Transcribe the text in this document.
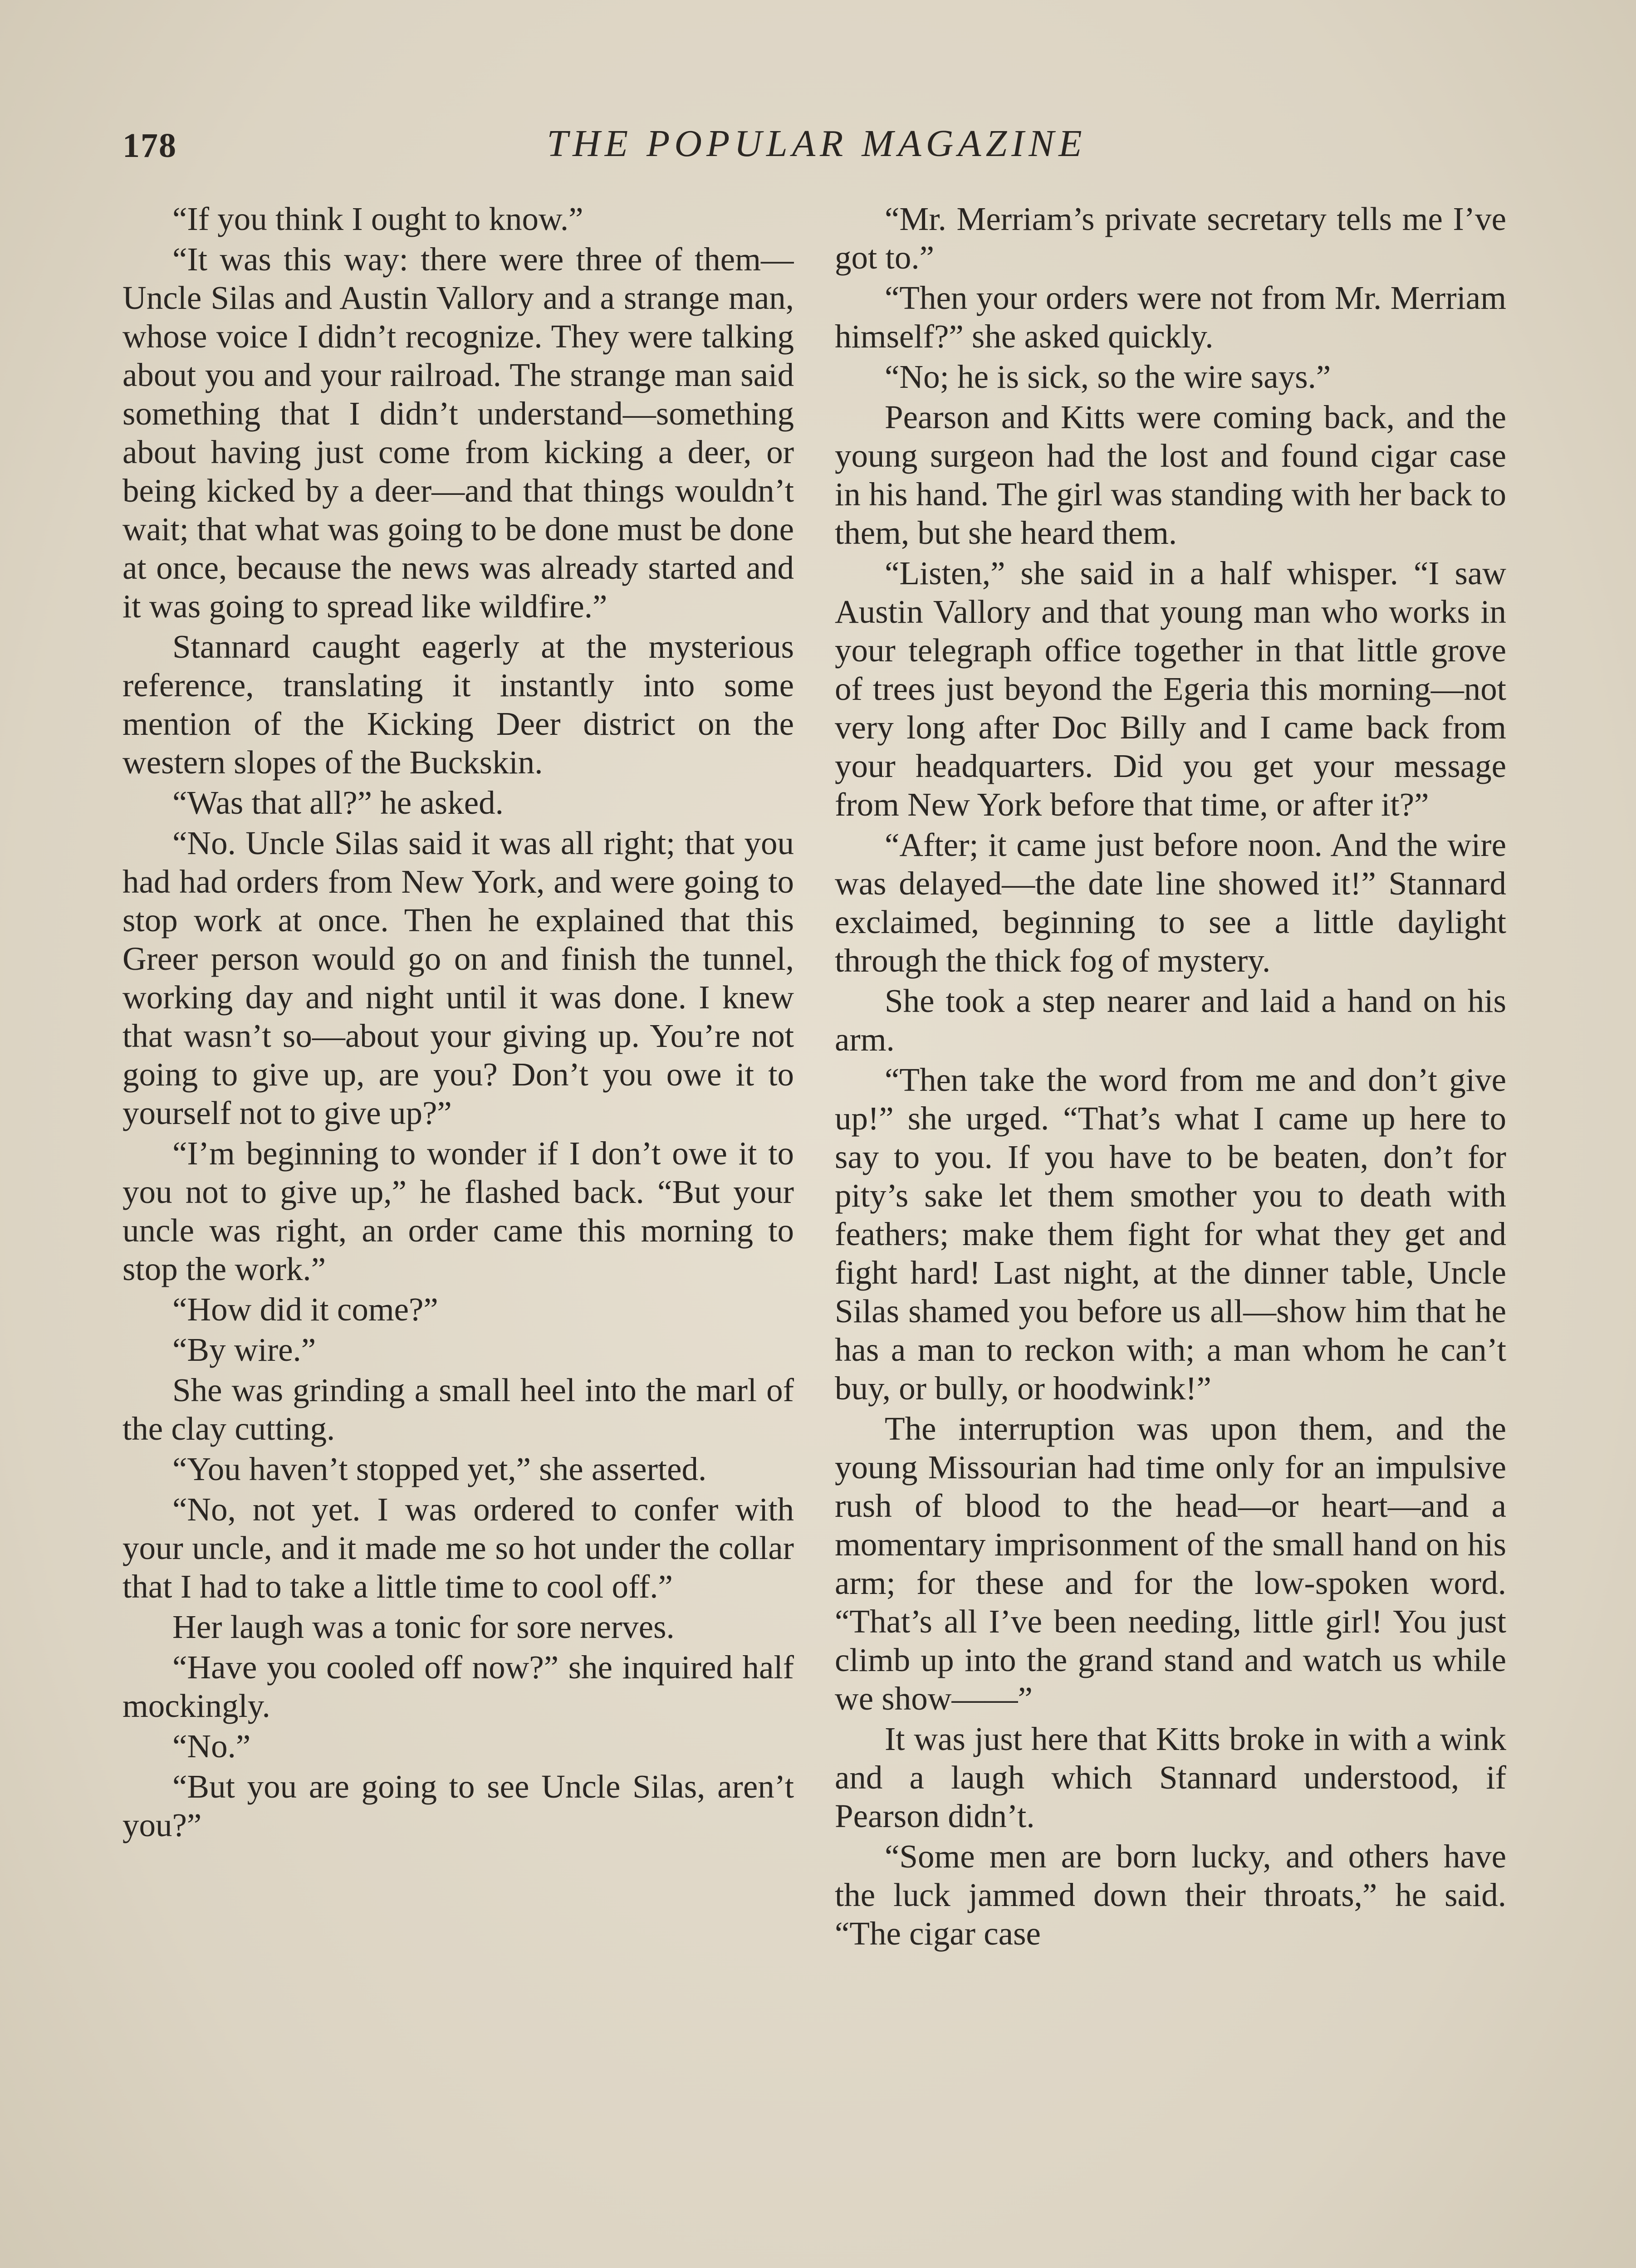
178	THE POPULAR MAGAZINE

“If you think I ought to know.”

“It was this way: there were three of them—Uncle Silas and Austin Vallory and a strange man, whose voice I didn’t recognize. They were talking about you and your railroad. The strange man said something that I didn’t understand—something about having just come from kicking a deer, or being kicked by a deer—and that things wouldn’t wait; that what was going to be done must be done at once, because the news was already started and it was going to spread like wildfire.”

Stannard caught eagerly at the mysterious reference, translating it instantly into some mention of the Kicking Deer district on the western slopes of the Buckskin.

“Was that all?” he asked.

“No. Uncle Silas said it was all right; that you had had orders from New York, and were going to stop work at once. Then he explained that this Greer person would go on and finish the tunnel, working day and night until it was done. I knew that wasn’t so—about your giving up. You’re not going to give up, are you? Don’t you owe it to yourself not to give up?”

“I’m beginning to wonder if I don’t owe it to you not to give up,” he flashed back. “But your uncle was right, an order came this morning to stop the work.”

“How did it come?”

“By wire.”

She was grinding a small heel into the marl of the clay cutting.

“You haven’t stopped yet,” she asserted.

“No, not yet. I was ordered to confer with your uncle, and it made me so hot under the collar that I had to take a little time to cool off.”

Her laugh was a tonic for sore nerves.

“Have you cooled off now?” she inquired half mockingly.

“No.”

“But you are going to see Uncle Silas, aren’t you?”

“Mr. Merriam’s private secretary tells me I’ve got to.”

“Then your orders were not from Mr. Merriam himself?” she asked quickly.

“No; he is sick, so the wire says.”

Pearson and Kitts were coming back, and the young surgeon had the lost and found cigar case in his hand. The girl was standing with her back to them, but she heard them.

“Listen,” she said in a half whisper. “I saw Austin Vallory and that young man who works in your telegraph office together in that little grove of trees just beyond the Egeria this morning—not very long after Doc Billy and I came back from your headquarters. Did you get your message from New York before that time, or after it?”

“After; it came just before noon. And the wire was delayed—the date line showed it!” Stannard exclaimed, beginning to see a little daylight through the thick fog of mystery.

She took a step nearer and laid a hand on his arm.

“Then take the word from me and don’t give up!” she urged. “That’s what I came up here to say to you. If you have to be beaten, don’t for pity’s sake let them smother you to death with feathers; make them fight for what they get and fight hard! Last night, at the dinner table, Uncle Silas shamed you before us all—show him that he has a man to reckon with; a man whom he can’t buy, or bully, or hoodwink!”

The interruption was upon them, and the young Missourian had time only for an impulsive rush of blood to the head—or heart—and a momentary imprisonment of the small hand on his arm; for these and for the low-spoken word. “That’s all I’ve been needing, little girl! You just climb up into the grand stand and watch us while we show——”

It was just here that Kitts broke in with a wink and a laugh which Stannard understood, if Pearson didn’t.

“Some men are born lucky, and others have the luck jammed down their throats,” he said. “The cigar case
